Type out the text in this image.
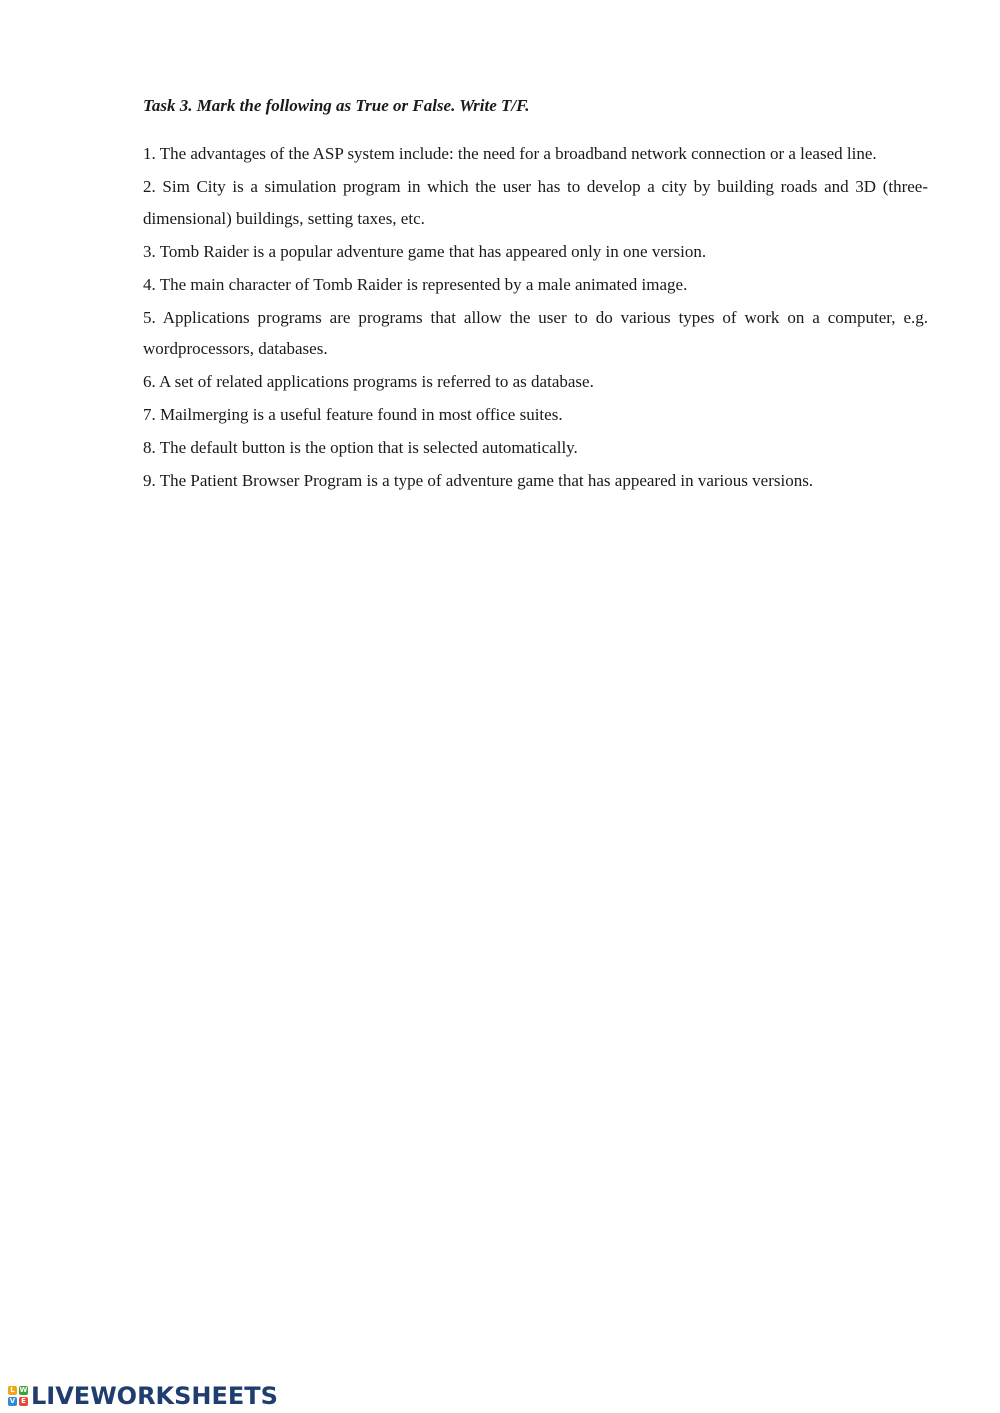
Task 3. Mark the following as True or False. Write T/F.

1. The advantages of the ASP system include: the need for a broadband network connection or a leased line.
2. Sim City is a simulation program in which the user has to develop a city by building roads and 3D (three-dimensional) buildings, setting taxes, etc.
3. Tomb Raider is a popular adventure game that has appeared only in one version.
4. The main character of Tomb Raider is represented by a male animated image.
5. Applications programs are programs that allow the user to do various types of work on a computer, e.g. wordprocessors, databases.
6. A set of related applications programs is referred to as database.
7. Mailmerging is a useful feature found in most office suites.
8. The default button is the option that is selected automatically.
9. The Patient Browser Program is a type of adventure game that has appeared in various versions.
L W
V E LIVEWORKSHEETS
